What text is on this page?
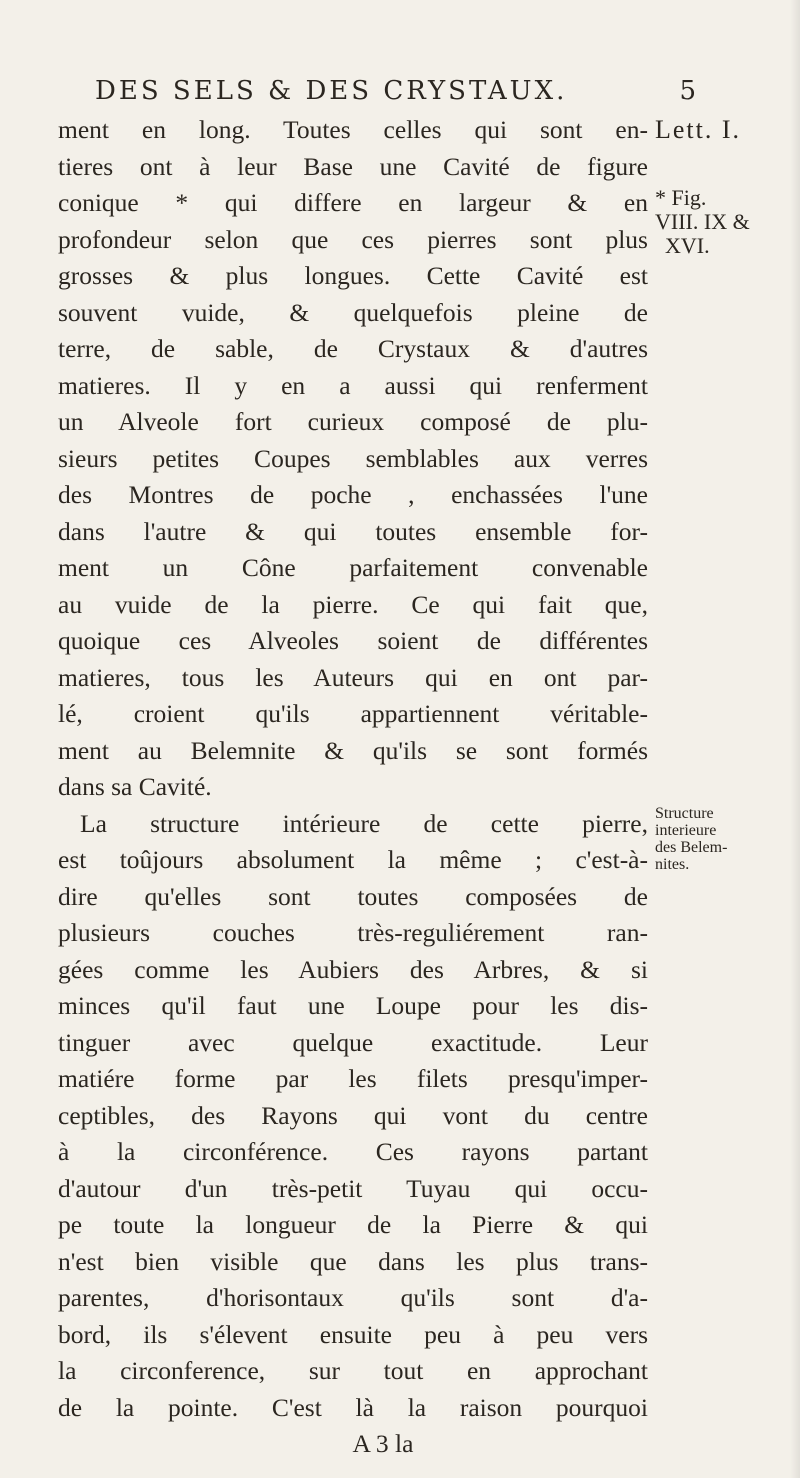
DES SELS & DES CRYSTAUX.	5
ment en long. Toutes celles qui sont en-
tieres ont à leur Base une Cavité de figure
conique * qui differe en largeur & en
profondeur selon que ces pierres sont plus
grosses & plus longues. Cette Cavité est
souvent vuide, & quelquefois pleine de
terre, de sable, de Crystaux & d'autres
matieres. Il y en a aussi qui renferment
un Alveole fort curieux composé de plu-
sieurs petites Coupes semblables aux verres
des Montres de poche , enchassées l'une
dans l'autre & qui toutes ensemble for-
ment un Cône parfaitement convenable
au vuide de la pierre. Ce qui fait que,
quoique ces Alveoles soient de différentes
matieres, tous les Auteurs qui en ont par-
lé, croient qu'ils appartiennent véritable-
ment au Belemnite & qu'ils se sont formés
dans sa Cavité.
La structure intérieure de cette pierre,
est toûjours absolument la même ; c'est-à-
dire qu'elles sont toutes composées de
plusieurs couches très-reguliérement ran-
gées comme les Aubiers des Arbres, & si
minces qu'il faut une Loupe pour les dis-
tinguer avec quelque exactitude. Leur
matiére forme par les filets presqu'imper-
ceptibles, des Rayons qui vont du centre
à la circonférence. Ces rayons partant
d'autour d'un très-petit Tuyau qui occu-
pe toute la longueur de la Pierre & qui
n'est bien visible que dans les plus trans-
parentes, d'horisontaux qu'ils sont d'a-
bord, ils s'élevent ensuite peu à peu vers
la circonference, sur tout en approchant
de la pointe. C'est là la raison pourquoi
A 3 la
Lett. I.
* Fig.
VIII. IX &
XVI.
Structure
interieure
des Belem-
nites.
